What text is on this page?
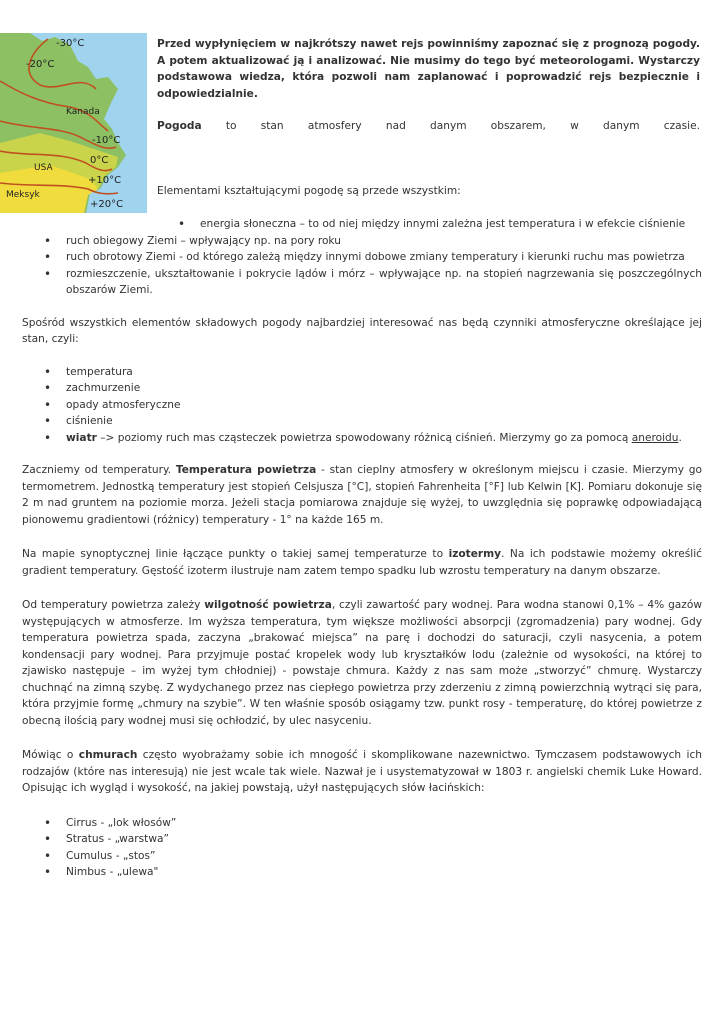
-30°C
-20°C
Kanada
-10°C
0°C
USA
+10°C
Meksyk
+20°C

Przed wypłynięciem w najkrótszy nawet rejs powinniśmy zapoznać się z prognozą pogody. A potem aktualizować ją i analizować. Nie musimy do tego być meteorologami. Wystarczy podstawowa wiedza, która pozwoli nam zaplanować i poprowadzić rejs bezpiecznie i odpowiedzialnie.

Pogoda to stan atmosfery nad danym obszarem, w danym czasie.

Elementami kształtującymi pogodę są przede wszystkim:

• energia słoneczna – to od niej między innymi zależna jest temperatura i w efekcie ciśnienie
• ruch obiegowy Ziemi – wpływający np. na pory roku
• ruch obrotowy Ziemi - od którego zależą między innymi dobowe zmiany temperatury i kierunki ruchu mas powietrza
• rozmieszczenie, ukształtowanie i pokrycie lądów i mórz – wpływające np. na stopień nagrzewania się poszczególnych obszarów Ziemi.

Spośród wszystkich elementów składowych pogody najbardziej interesować nas będą czynniki atmosferyczne określające jej stan, czyli:

• temperatura
• zachmurzenie
• opady atmosferyczne
• ciśnienie
• wiatr –> poziomy ruch mas cząsteczek powietrza spowodowany różnicą ciśnień. Mierzymy go za pomocą aneroidu.

Zaczniemy od temperatury. Temperatura powietrza - stan cieplny atmosfery w określonym miejscu i czasie. Mierzymy go termometrem. Jednostką temperatury jest stopień Celsjusza [°C], stopień Fahrenheita [°F] lub Kelwin [K]. Pomiaru dokonuje się 2 m nad gruntem na poziomie morza. Jeżeli stacja pomiarowa znajduje się wyżej, to uwzględnia się poprawkę odpowiadającą pionowemu gradientowi (różnicy) temperatury - 1° na każde 165 m.

Na mapie synoptycznej linie łączące punkty o takiej samej temperaturze to izotermy. Na ich podstawie możemy określić gradient temperatury. Gęstość izoterm ilustruje nam zatem tempo spadku lub wzrostu temperatury na danym obszarze.

Od temperatury powietrza zależy wilgotność powietrza, czyli zawartość pary wodnej. Para wodna stanowi 0,1% – 4% gazów występujących w atmosferze. Im wyższa temperatura, tym większe możliwości absorpcji (zgromadzenia) pary wodnej. Gdy temperatura powietrza spada, zaczyna „brakować miejsca” na parę i dochodzi do saturacji, czyli nasycenia, a potem kondensacji pary wodnej. Para przyjmuje postać kropelek wody lub kryształków lodu (zależnie od wysokości, na której to zjawisko następuje – im wyżej tym chłodniej) - powstaje chmura. Każdy z nas sam może „stworzyć” chmurę. Wystarczy chuchnąć na zimną szybę. Z wydychanego przez nas ciepłego powietrza przy zderzeniu z zimną powierzchnią wytrąci się para, która przyjmie formę „chmury na szybie”. W ten właśnie sposób osiągamy tzw. punkt rosy - temperaturę, do której powietrze z obecną ilością pary wodnej musi się ochłodzić, by ulec nasyceniu.

Mówiąc o chmurach często wyobrażamy sobie ich mnogość i skomplikowane nazewnictwo. Tymczasem podstawowych ich rodzajów (które nas interesują) nie jest wcale tak wiele. Nazwał je i usystematyzował w 1803 r. angielski chemik Luke Howard. Opisując ich wygląd i wysokość, na jakiej powstają, użył następujących słów łacińskich:

• Cirrus - „lok włosów”
• Stratus - „warstwa”
• Cumulus - „stos”
• Nimbus - „ulewa"
